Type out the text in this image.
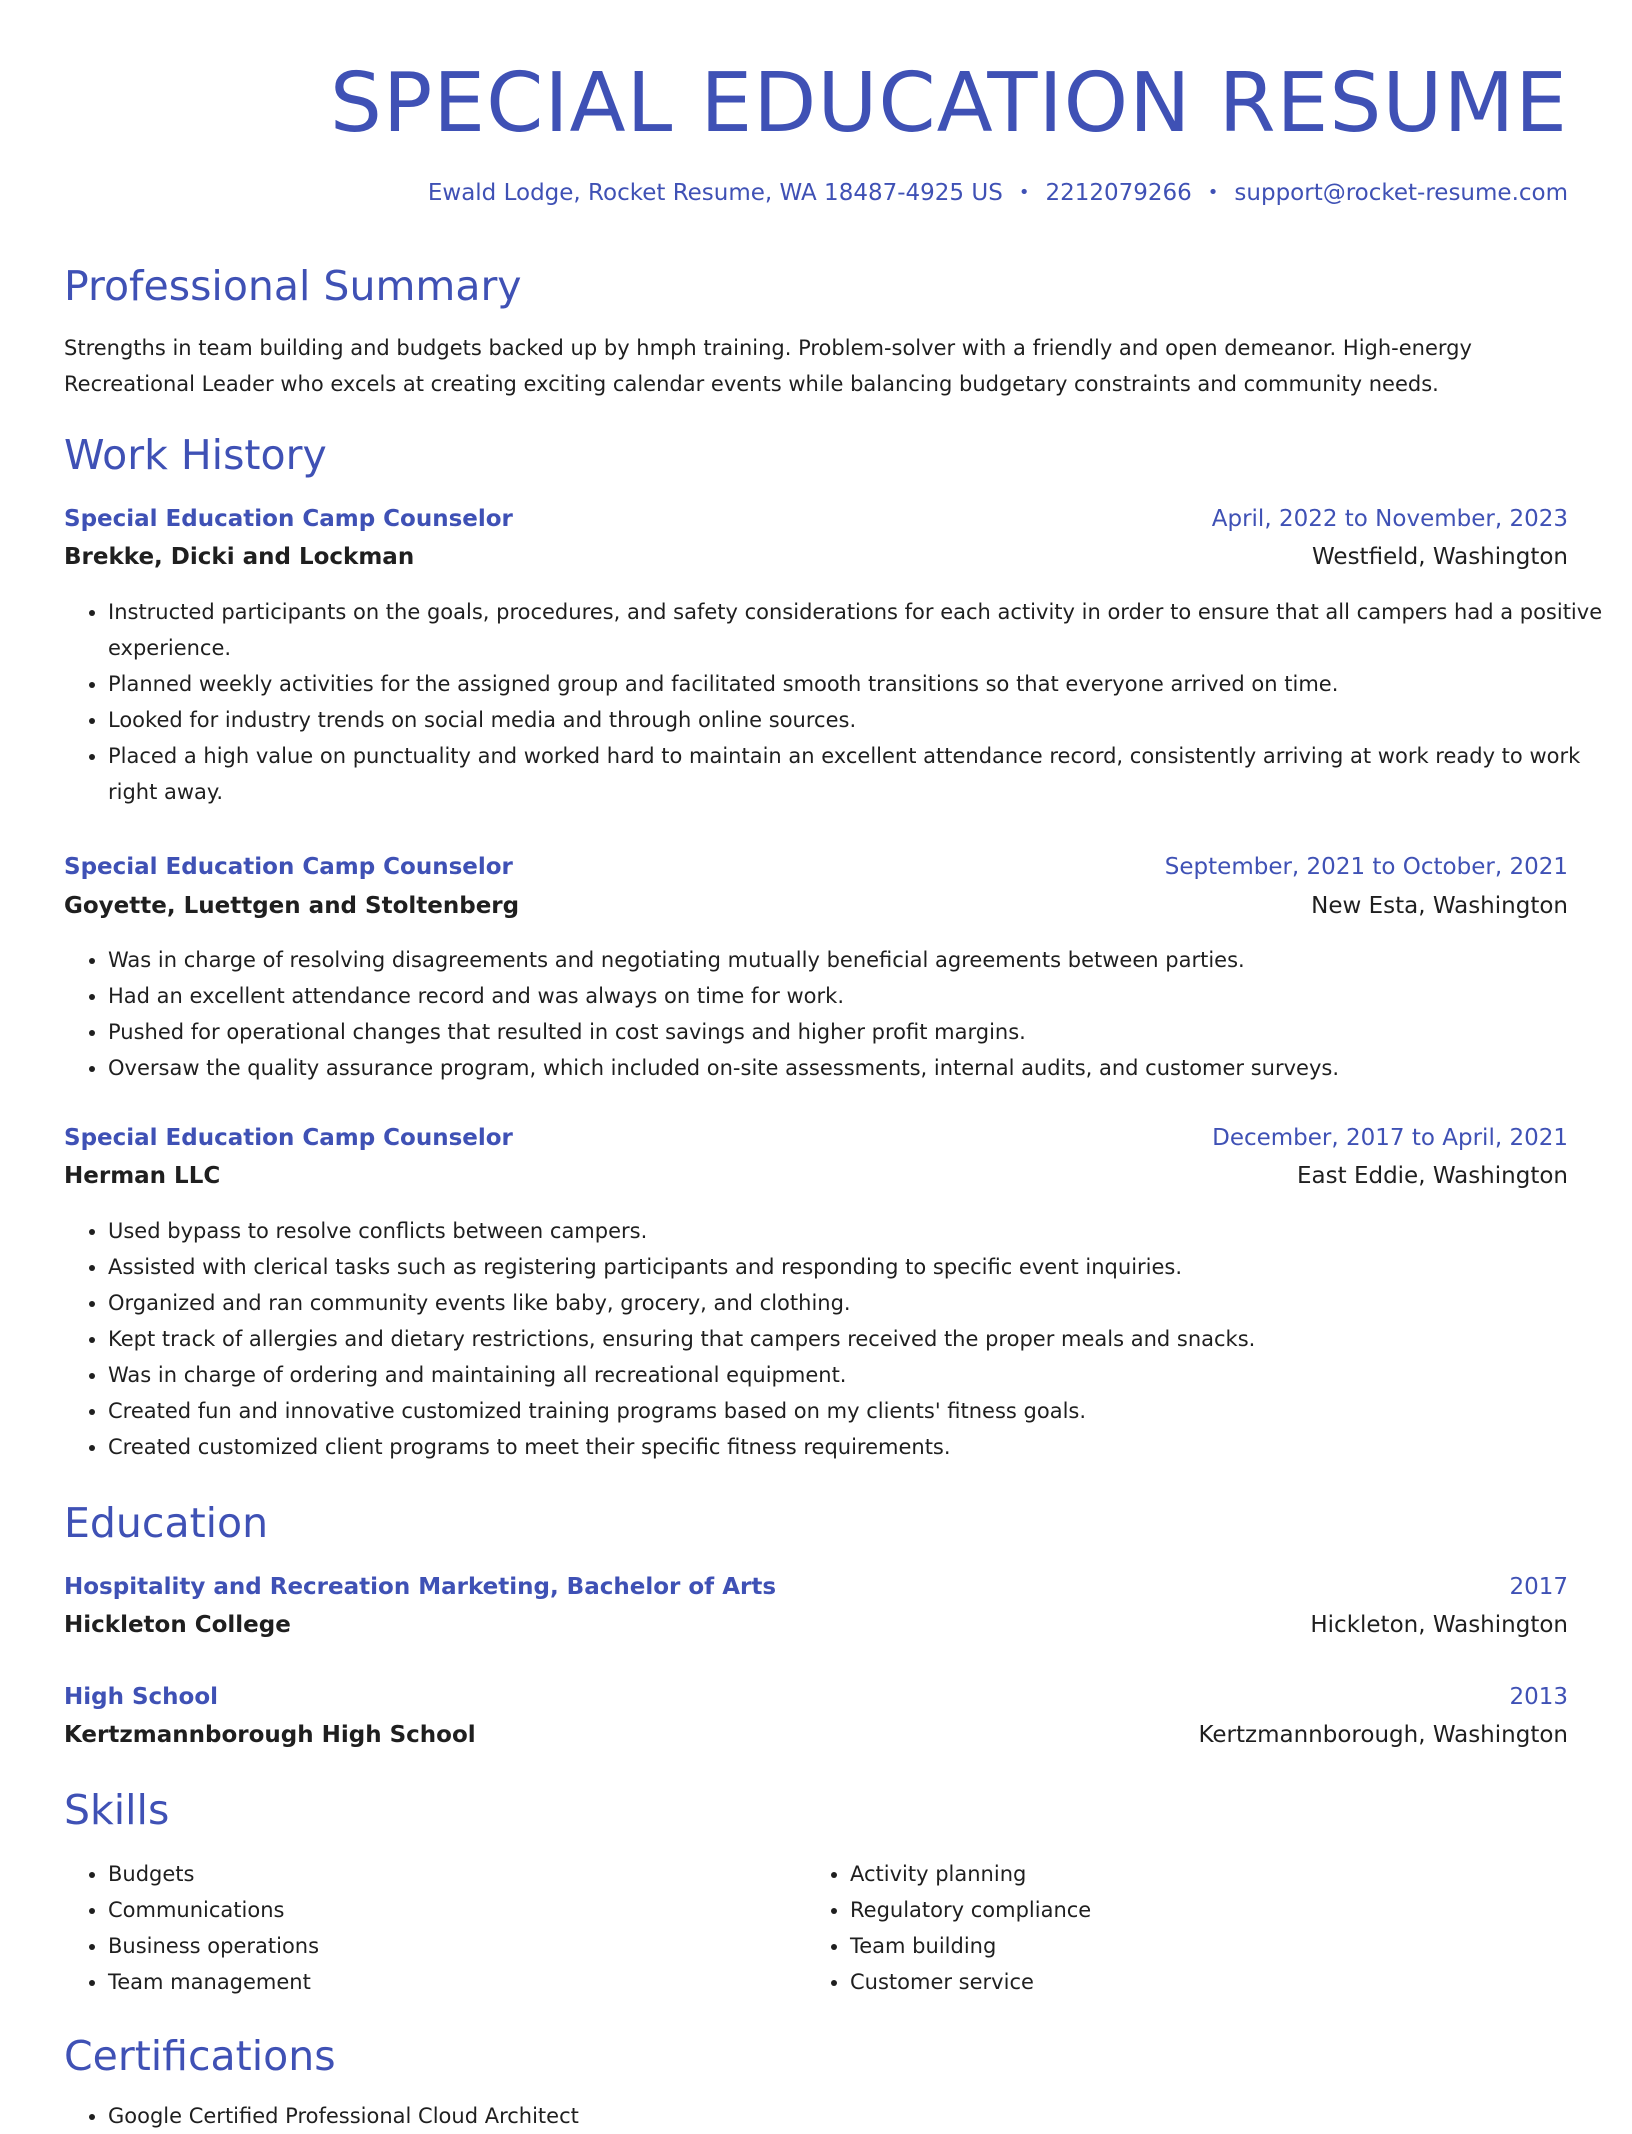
SPECIAL EDUCATION RESUME
Ewald Lodge, Rocket Resume, WA 18487-4925 US • 2212079266 • support@rocket-resume.com
Professional Summary
Strengths in team building and budgets backed up by hmph training. Problem-solver with a friendly and open demeanor. High-energy Recreational Leader who excels at creating exciting calendar events while balancing budgetary constraints and community needs.
Work History
Special Education Camp Counselor	April, 2022 to November, 2023
Brekke, Dicki and Lockman	Westfield, Washington
• Instructed participants on the goals, procedures, and safety considerations for each activity in order to ensure that all campers had a positive experience.
• Planned weekly activities for the assigned group and facilitated smooth transitions so that everyone arrived on time.
• Looked for industry trends on social media and through online sources.
• Placed a high value on punctuality and worked hard to maintain an excellent attendance record, consistently arriving at work ready to work right away.
Special Education Camp Counselor	September, 2021 to October, 2021
Goyette, Luettgen and Stoltenberg	New Esta, Washington
• Was in charge of resolving disagreements and negotiating mutually beneficial agreements between parties.
• Had an excellent attendance record and was always on time for work.
• Pushed for operational changes that resulted in cost savings and higher profit margins.
• Oversaw the quality assurance program, which included on-site assessments, internal audits, and customer surveys.
Special Education Camp Counselor	December, 2017 to April, 2021
Herman LLC	East Eddie, Washington
• Used bypass to resolve conflicts between campers.
• Assisted with clerical tasks such as registering participants and responding to specific event inquiries.
• Organized and ran community events like baby, grocery, and clothing.
• Kept track of allergies and dietary restrictions, ensuring that campers received the proper meals and snacks.
• Was in charge of ordering and maintaining all recreational equipment.
• Created fun and innovative customized training programs based on my clients' fitness goals.
• Created customized client programs to meet their specific fitness requirements.
Education
Hospitality and Recreation Marketing, Bachelor of Arts	2017
Hickleton College	Hickleton, Washington
High School	2013
Kertzmannborough High School	Kertzmannborough, Washington
Skills
• Budgets
• Communications
• Business operations
• Team management
• Activity planning
• Regulatory compliance
• Team building
• Customer service
Certifications
• Google Certified Professional Cloud Architect
